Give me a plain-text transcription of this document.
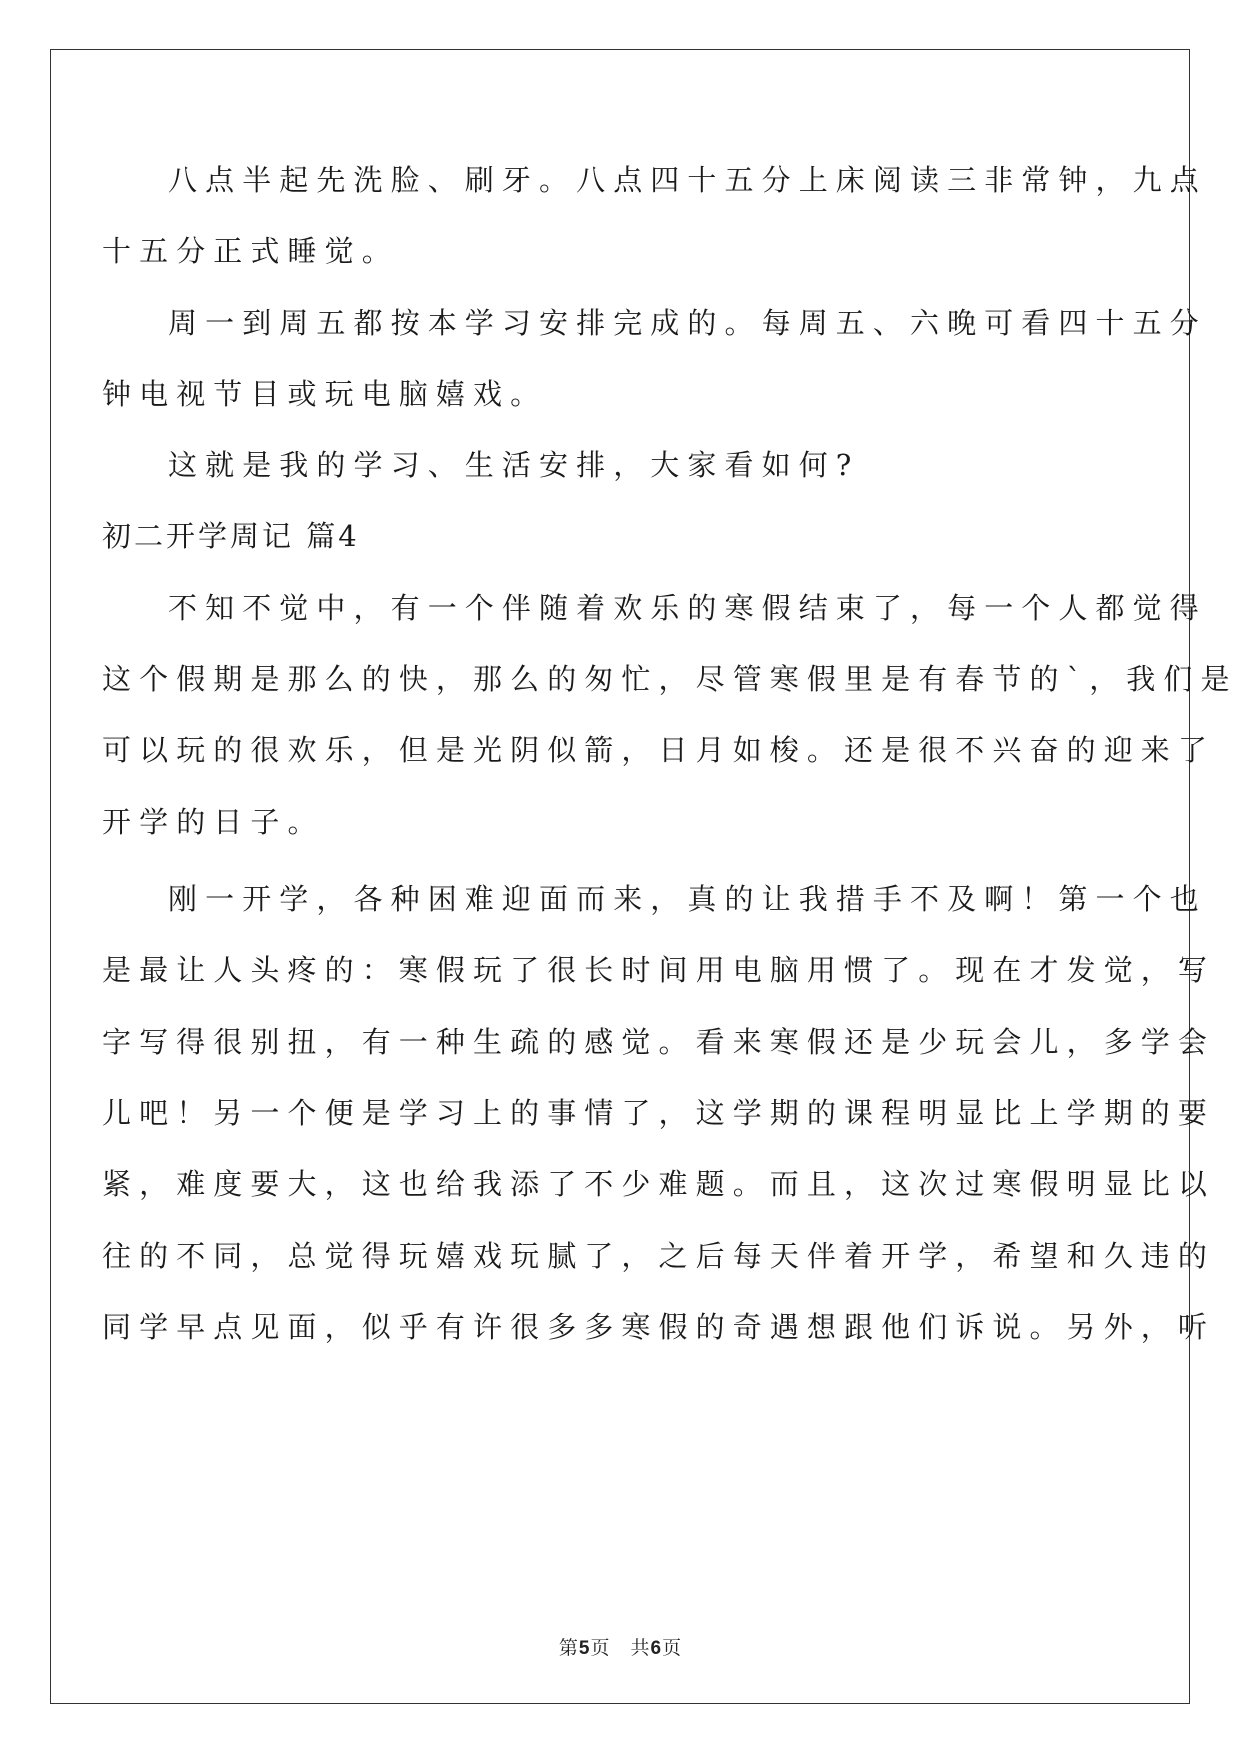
八点半起先洗脸、刷牙。八点四十五分上床阅读三非常钟，九点
十五分正式睡觉。
周一到周五都按本学习安排完成的。每周五、六晚可看四十五分
钟电视节目或玩电脑嬉戏。
这就是我的学习、生活安排，大家看如何?
初二开学周记 篇4
不知不觉中，有一个伴随着欢乐的寒假结束了，每一个人都觉得
这个假期是那么的快，那么的匆忙，尽管寒假里是有春节的`，我们是
可以玩的很欢乐，但是光阴似箭，日月如梭。还是很不兴奋的迎来了
开学的日子。
刚一开学，各种困难迎面而来，真的让我措手不及啊！第一个也
是最让人头疼的：寒假玩了很长时间用电脑用惯了。现在才发觉，写
字写得很别扭，有一种生疏的感觉。看来寒假还是少玩会儿，多学会
儿吧！另一个便是学习上的事情了，这学期的课程明显比上学期的要
紧，难度要大，这也给我添了不少难题。而且，这次过寒假明显比以
往的不同，总觉得玩嬉戏玩腻了，之后每天伴着开学，希望和久违的
同学早点见面，似乎有许很多多寒假的奇遇想跟他们诉说。另外，听
第5页　共6页
